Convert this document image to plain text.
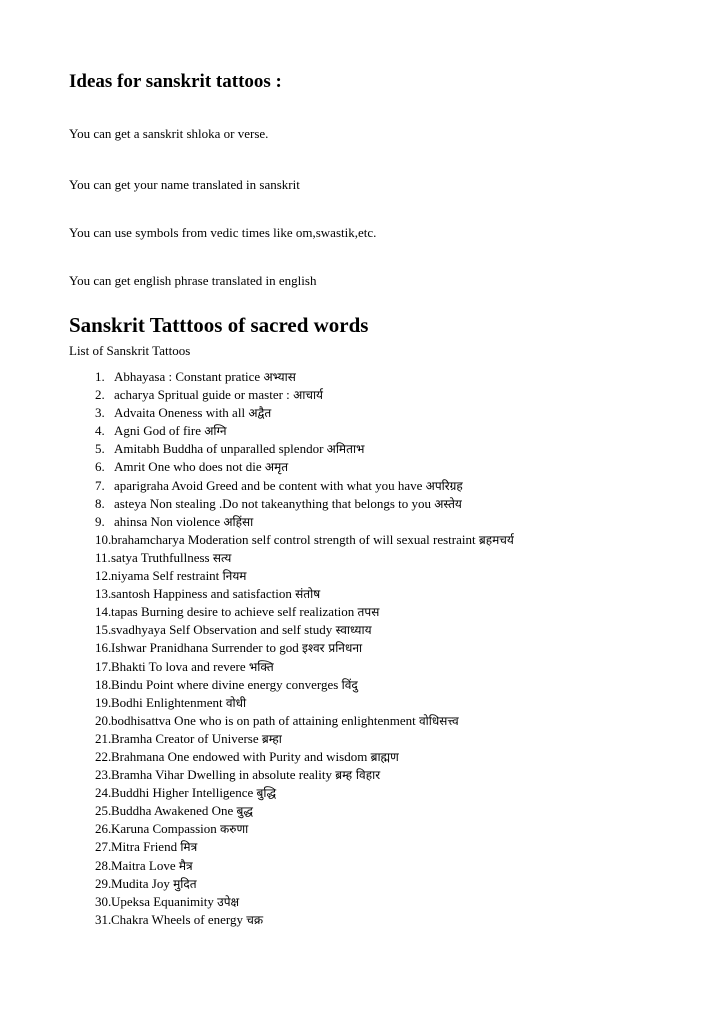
Ideas for sanskrit tattoos :

You can get a sanskrit shloka or verse.

You can get your name translated in sanskrit

You can use symbols from vedic times like om,swastik,etc.

You can get english phrase translated in english

Sanskrit Tatttoos of sacred words

List of Sanskrit Tattoos

1. Abhayasa : Constant pratice अभ्यास
2. acharya Spritual guide or master : आचार्य
3. Advaita Oneness with all अद्वैत
4. Agni God of fire अग्नि
5. Amitabh Buddha of unparalled splendor अमिताभ
6. Amrit One who does not die अमृत
7. aparigraha Avoid Greed and be content with what you have अपरिग्रह
8. asteya Non stealing .Do not takeanything that belongs to you अस्तेय
9. ahinsa Non violence अहिंसा
10. brahamcharya Moderation self control strength of will sexual restraint ब्रहमचर्य
11. satya Truthfullness सत्य
12. niyama Self restraint नियम
13. santosh Happiness and satisfaction संतोष
14. tapas Burning desire to achieve self realization तपस
15. svadhyaya Self Observation and self study स्वाध्याय
16. Ishwar Pranidhana Surrender to god इश्वर प्रनिधना
17. Bhakti To lova and revere भक्ति
18. Bindu Point where divine energy converges विंदु
19. Bodhi Enlightenment वोधी
20. bodhisattva One who is on path of attaining enlightenment वोधिसत्त्व
21. Bramha Creator of Universe ब्रम्हा
22. Brahmana One endowed with Purity and wisdom ब्राह्मण
23. Bramha Vihar Dwelling in absolute reality ब्रम्ह विहार
24. Buddhi Higher Intelligence बुद्धि
25. Buddha Awakened One बुद्ध
26. Karuna Compassion करुणा
27. Mitra Friend मित्र
28. Maitra Love मैत्र
29. Mudita Joy मुदित
30. Upeksa Equanimity उपेक्ष
31. Chakra Wheels of energy चक्र
